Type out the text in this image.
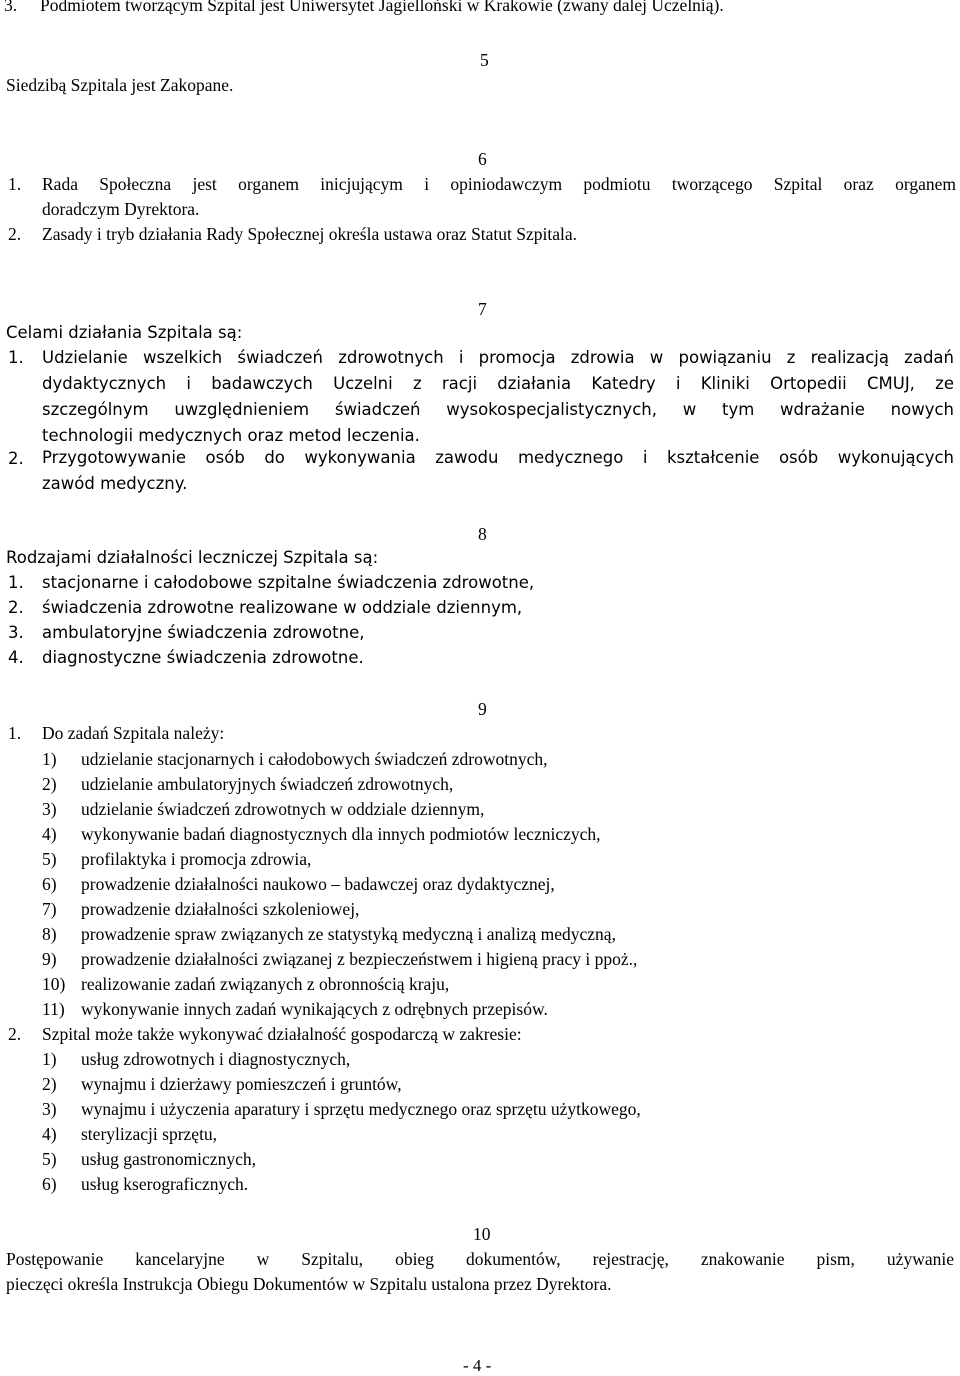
3. Podmiotem tworzącym Szpital jest Uniwersytet Jagielloński w Krakowie (zwany dalej Uczelnią).
5
Siedzibą Szpitala jest Zakopane.
6
1. Rada Społeczna jest organem inicjującym i opiniodawczym podmiotu tworzącego Szpital oraz organem
doradczym Dyrektora.
2. Zasady i tryb działania Rady Społecznej określa ustawa oraz Statut Szpitala.
7
Celami działania Szpitala są:
1. Udzielanie wszelkich świadczeń zdrowotnych i promocja zdrowia w powiązaniu z realizacją zadań
dydaktycznych i badawczych Uczelni z racji działania Katedry i Kliniki Ortopedii CMUJ, ze
szczególnym uwzględnieniem świadczeń wysokospecjalistycznych, w tym wdrażanie nowych
technologii medycznych oraz metod leczenia.
2. Przygotowywanie osób do wykonywania zawodu medycznego i kształcenie osób wykonujących
zawód medyczny.
8
Rodzajami działalności leczniczej Szpitala są:
1. stacjonarne i całodobowe szpitalne świadczenia zdrowotne,
2. świadczenia zdrowotne realizowane w oddziale dziennym,
3. ambulatoryjne świadczenia zdrowotne,
4. diagnostyczne świadczenia zdrowotne.
9
1. Do zadań Szpitala należy:
1) udzielanie stacjonarnych i całodobowych świadczeń zdrowotnych,
2) udzielanie ambulatoryjnych świadczeń zdrowotnych,
3) udzielanie świadczeń zdrowotnych w oddziale dziennym,
4) wykonywanie badań diagnostycznych dla innych podmiotów leczniczych,
5) profilaktyka i promocja zdrowia,
6) prowadzenie działalności naukowo – badawczej oraz dydaktycznej,
7) prowadzenie działalności szkoleniowej,
8) prowadzenie spraw związanych ze statystyką medyczną i analizą medyczną,
9) prowadzenie działalności związanej z bezpieczeństwem i higieną pracy i ppoż.,
10) realizowanie zadań związanych z obronnością kraju,
11) wykonywanie innych zadań wynikających z odrębnych przepisów.
2. Szpital może także wykonywać działalność gospodarczą w zakresie:
1) usług zdrowotnych i diagnostycznych,
2) wynajmu i dzierżawy pomieszczeń i gruntów,
3) wynajmu i użyczenia aparatury i sprzętu medycznego oraz sprzętu użytkowego,
4) sterylizacji sprzętu,
5) usług gastronomicznych,
6) usług kserograficznych.
10
Postępowanie kancelaryjne w Szpitalu, obieg dokumentów, rejestrację, znakowanie pism, używanie
pieczęci określa Instrukcja Obiegu Dokumentów w Szpitalu ustalona przez Dyrektora.
- 4 -
